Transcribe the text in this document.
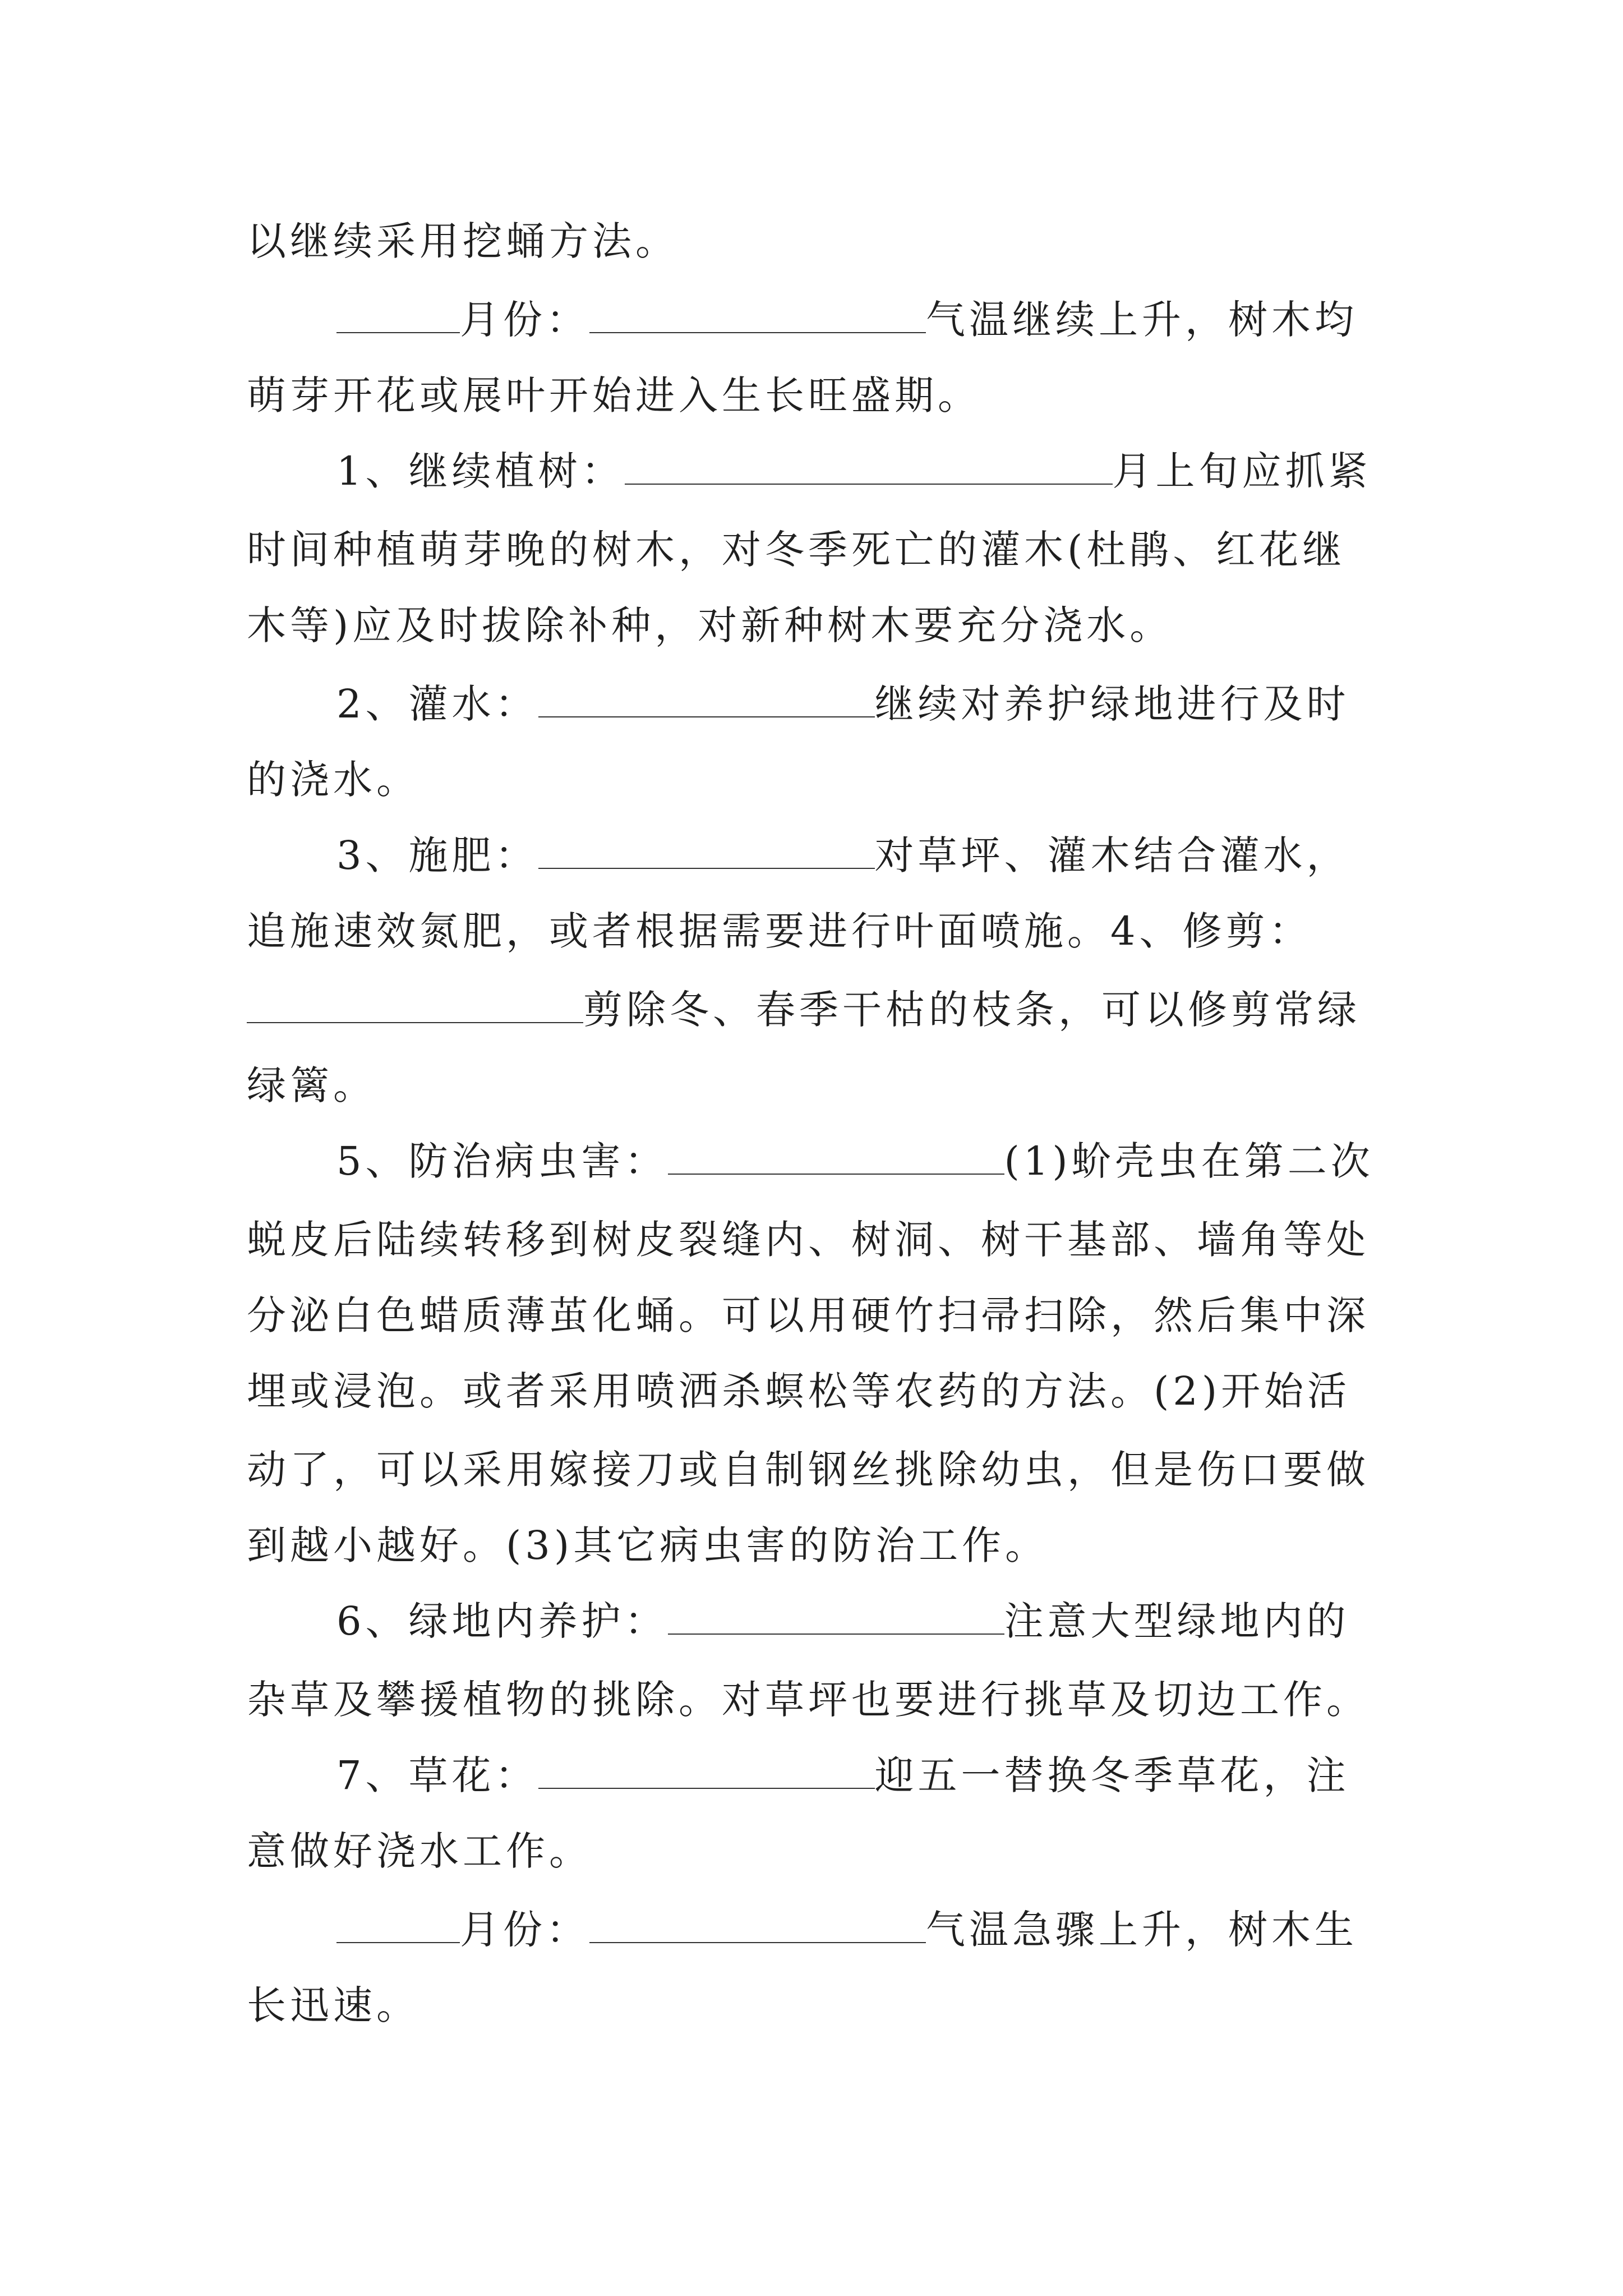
以继续采用挖蛹方法。
月份：	气温继续上升，树木均
萌芽开花或展叶开始进入生长旺盛期。
1、继续植树：	月上旬应抓紧
时间种植萌芽晚的树木，对冬季死亡的灌木(杜鹃、红花继
木等)应及时拔除补种，对新种树木要充分浇水。
2、灌水：	继续对养护绿地进行及时
的浇水。
3、施肥：	对草坪、灌木结合灌水，
追施速效氮肥，或者根据需要进行叶面喷施。4、修剪：
剪除冬、春季干枯的枝条，可以修剪常绿
绿篱。
5、防治病虫害：	(1)蚧壳虫在第二次
蜕皮后陆续转移到树皮裂缝内、树洞、树干基部、墙角等处
分泌白色蜡质薄茧化蛹。可以用硬竹扫帚扫除，然后集中深
埋或浸泡。或者采用喷洒杀螟松等农药的方法。(2)开始活
动了，可以采用嫁接刀或自制钢丝挑除幼虫，但是伤口要做
到越小越好。(3)其它病虫害的防治工作。
6、绿地内养护：	注意大型绿地内的
杂草及攀援植物的挑除。对草坪也要进行挑草及切边工作。
7、草花：	迎五一替换冬季草花，注
意做好浇水工作。
月份：	气温急骤上升，树木生
长迅速。
